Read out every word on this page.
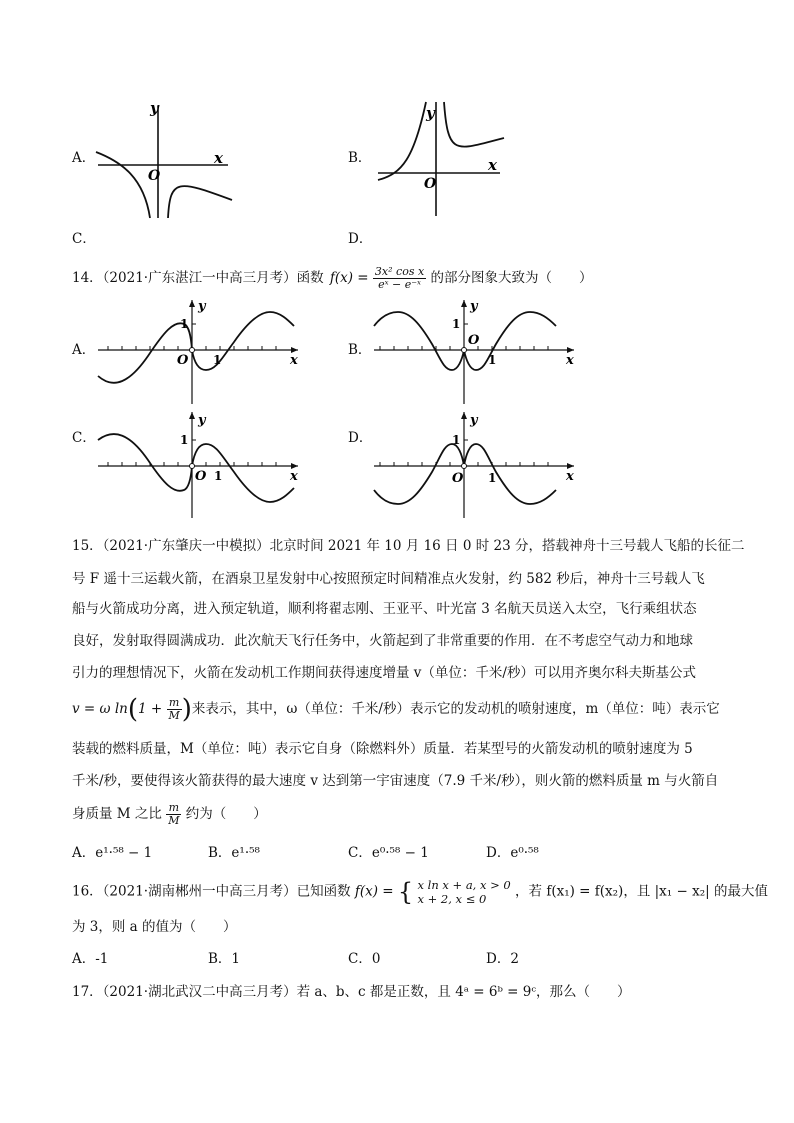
A．	x
y
O
B．	x
y
O
C．	D．
14．（2021·广东湛江一中高三月考）函数 $f(x) = \frac{\text{3x² cos x}}{\text{eˣ − e⁻ˣ}}$ 的部分图象大致为（　　）
A．
y
x
1
O 1
B．
y
x
1
O
1
C．
y
x
1
O 1
D．
y
x
1
O 1
15．（2021·广东肇庆一中模拟）北京时间 2021 年 10 月 16 日 0 时 23 分，搭载神舟十三号载人飞船的长征二
号 F 遥十三运载火箭，在酒泉卫星发射中心按照预定时间精准点火发射，约 582 秒后，神舟十三号载人飞
船与火箭成功分离，进入预定轨道，顺利将翟志刚、王亚平、叶光富 3 名航天员送入太空，飞行乘组状态
良好，发射取得圆满成功．此次航天飞行任务中，火箭起到了非常重要的作用．在不考虑空气动力和地球
引力的理想情况下，火箭在发动机工作期间获得速度增量 v（单位：千米/秒）可以用齐奥尔科夫斯基公式
v = ω $\ln(1 + \frac{m}{M}$ )来表示，其中，ω（单位：千米/秒）表示它的发动机的喷射速度，m（单位：吨）表示它
装载的燃料质量，M（单位：吨）表示它自身（除燃料外）质量．若某型号的火箭发动机的喷射速度为 5
千米/秒，要使得该火箭获得的最大速度 v 达到第一宇宙速度（7.9 千米/秒），则火箭的燃料质量 m 与火箭自
身质量 M 之比 $\frac{m}{M}$ 约为（　　）
A．e¹·⁵⁸ − 1	B．e¹·⁵⁸	C．e⁰·⁵⁸ − 1	D．e⁰·⁵⁸
16．（2021·湖南郴州一中高三月考）已知函数 f(x) = { x ln x + a, x > 0
x + 2, x ≤ 0	，若 f(x₁) = f(x₂)，且 |x₁ − x₂| 的最大值
为 3，则 a 的值为（　　）
A．-1	B．1	C．0	D．2
17．（2021·湖北武汉二中高三月考）若 a、b、c 都是正数，且 4ᵃ = 6ᵇ = 9ᶜ，那么（　　）
